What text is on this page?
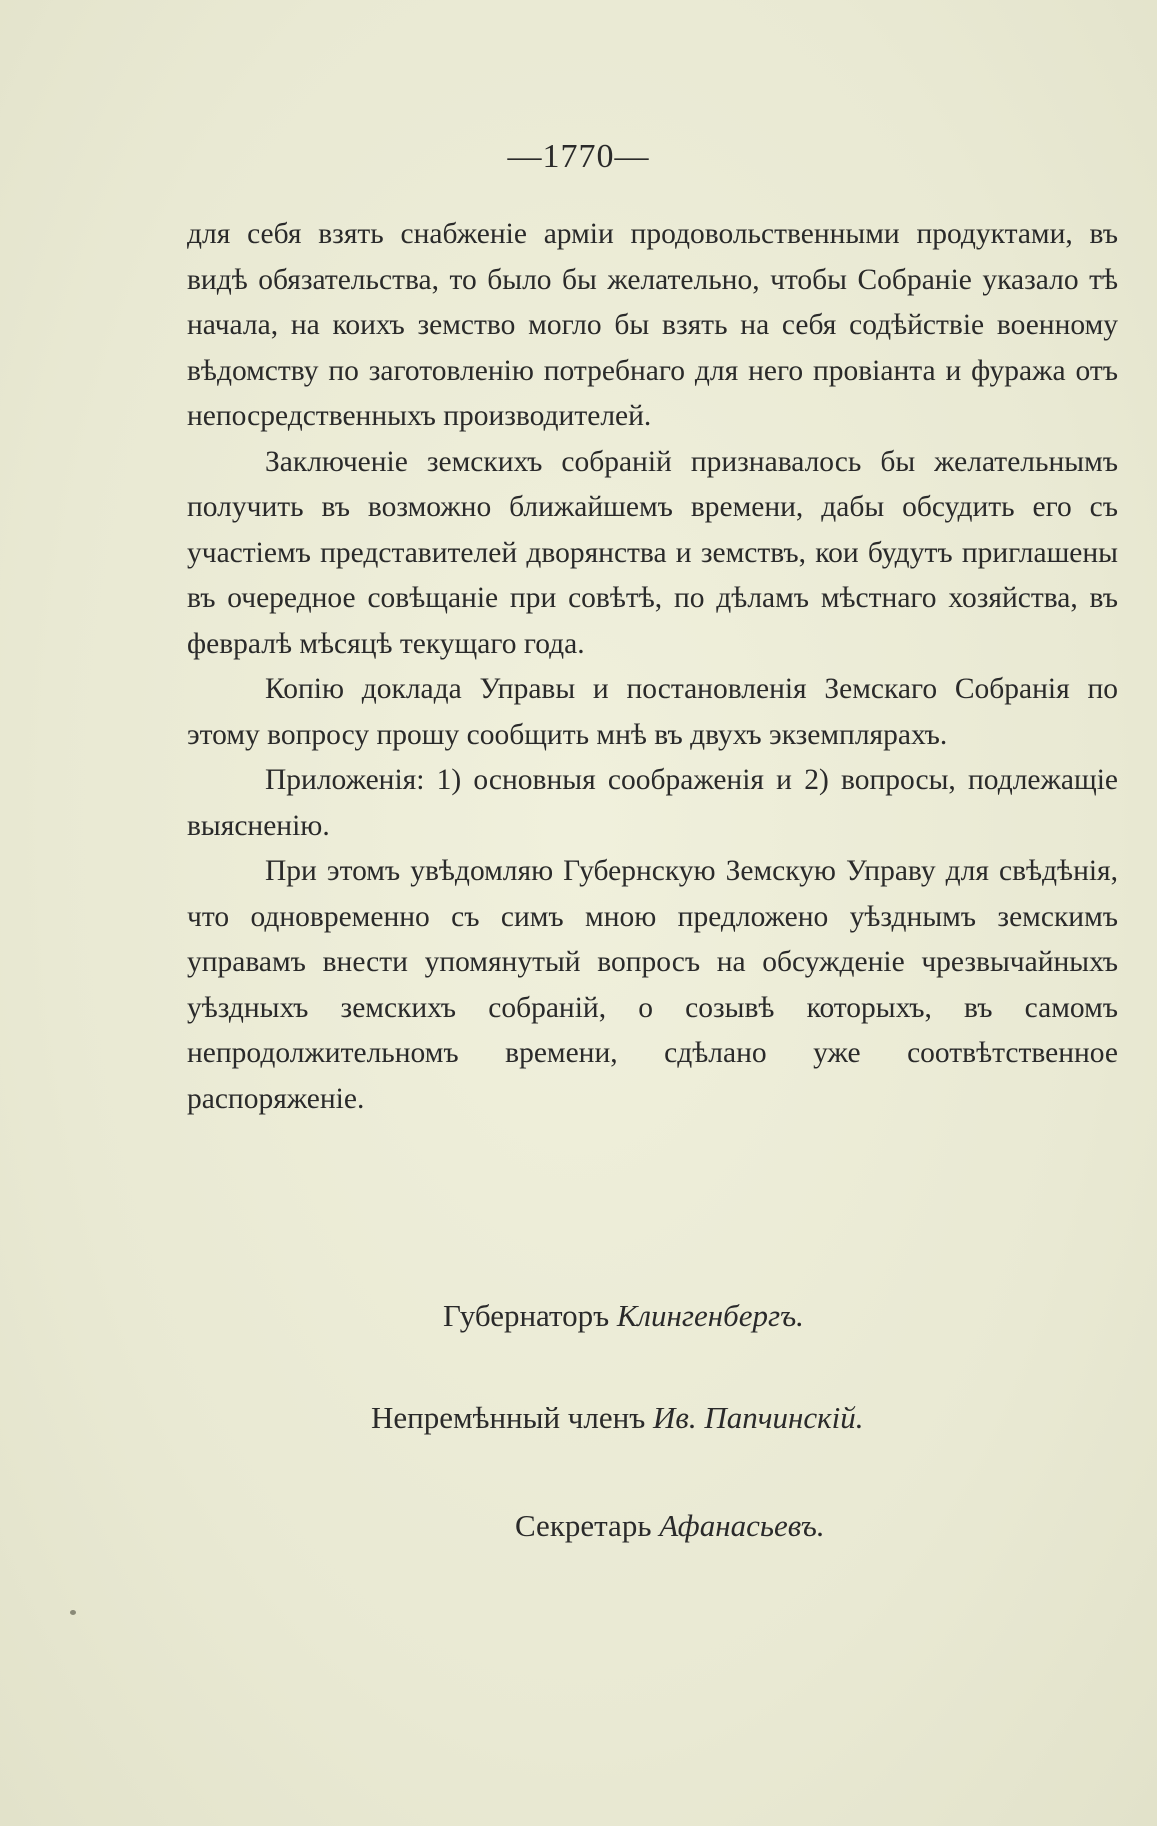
—1770—

для себя взять снабженіе арміи продовольственными продуктами, въ видѣ обязательства, то было бы желательно, чтобы Собраніе указало тѣ начала, на коихъ земство могло бы взять на себя содѣйствіе военному вѣдомству по заготовленію потребнаго для него провіанта и фуража отъ непосредственныхъ производителей.

Заключеніе земскихъ собраній признавалось бы желательнымъ получить въ возможно ближайшемъ времени, дабы обсудить его съ участіемъ представителей дворянства и земствъ, кои будутъ приглашены въ очередное совѣщаніе при совѣтѣ, по дѣламъ мѣстнаго хозяйства, въ февралѣ мѣсяцѣ текущаго года.

Копію доклада Управы и постановленія Земскаго Собранія по этому вопросу прошу сообщить мнѣ въ двухъ экземплярахъ.

Приложенія: 1) основныя соображенія и 2) вопросы, подлежащіе выясненію.

При этомъ увѣдомляю Губернскую Земскую Управу для свѣдѣнія, что одновременно съ симъ мною предложено уѣзднымъ земскимъ управамъ внести упомянутый вопросъ на обсужденіе чрезвычайныхъ уѣздныхъ земскихъ собраній, о созывѣ которыхъ, въ самомъ непродолжительномъ времени, сдѣлано уже соотвѣтственное распоряженіе.

Губернаторъ Клингенбергъ.
Непремѣнный членъ Ив. Папчинскій.
Секретарь Афанасьевъ.
